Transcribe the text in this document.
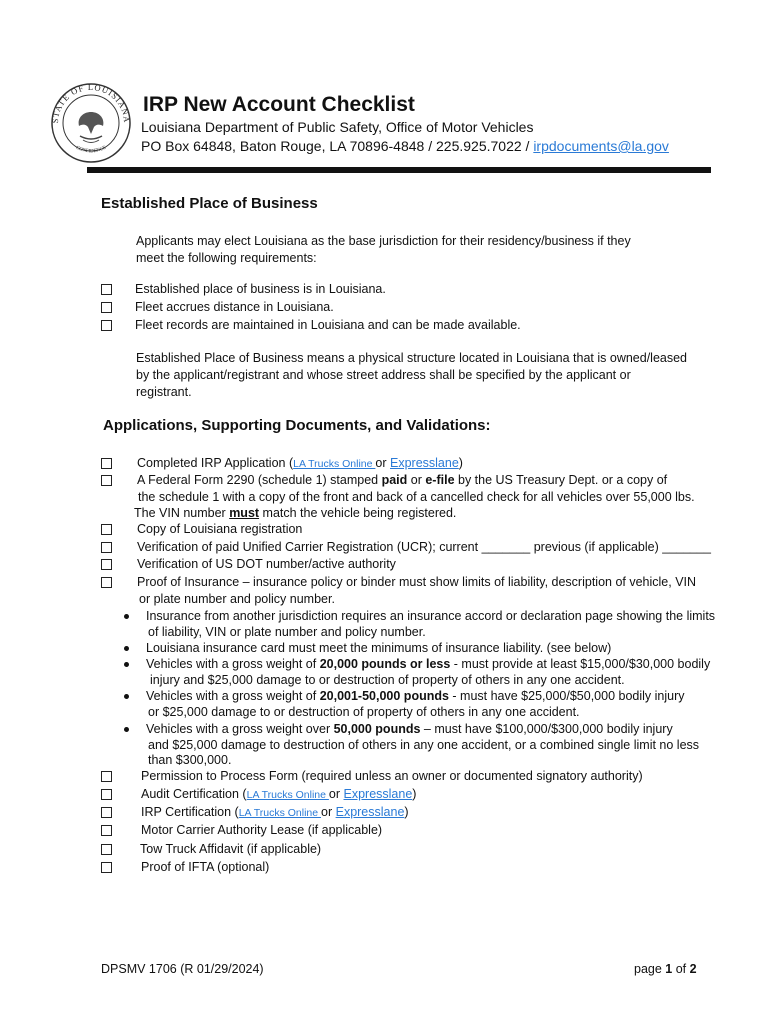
STATE OF LOUISIANA
CONFIDENCE
IRP New Account Checklist
Louisiana Department of Public Safety, Office of Motor Vehicles
PO Box 64848, Baton Rouge, LA 70896-4848 / 225.925.7022 / irpdocuments@la.gov
Established Place of Business
Applicants may elect Louisiana as the base jurisdiction for their residency/business if they
meet the following requirements:
Established place of business is in Louisiana.
Fleet accrues distance in Louisiana.
Fleet records are maintained in Louisiana and can be made available.
Established Place of Business means a physical structure located in Louisiana that is owned/leased
by the applicant/registrant and whose street address shall be specified by the applicant or
registrant.
Applications, Supporting Documents, and Validations:
Completed IRP Application (LA Trucks Online or Expresslane)
A Federal Form 2290 (schedule 1) stamped paid or e-file by the US Treasury Dept. or a copy of
the schedule 1 with a copy of the front and back of a cancelled check for all vehicles over 55,000 lbs.
The VIN number must match the vehicle being registered.
Copy of Louisiana registration
Verification of paid Unified Carrier Registration (UCR); current _______ previous (if applicable) _______
Verification of US DOT number/active authority
Proof of Insurance – insurance policy or binder must show limits of liability, description of vehicle, VIN
or plate number and policy number.
Insurance from another jurisdiction requires an insurance accord or declaration page showing the limits
of liability, VIN or plate number and policy number.
Louisiana insurance card must meet the minimums of insurance liability. (see below)
Vehicles with a gross weight of 20,000 pounds or less - must provide at least $15,000/$30,000 bodily
injury and $25,000 damage to or destruction of property of others in any one accident.
Vehicles with a gross weight of 20,001-50,000 pounds - must have $25,000/$50,000 bodily injury
or $25,000 damage to or destruction of property of others in any one accident.
Vehicles with a gross weight over 50,000 pounds – must have $100,000/$300,000 bodily injury
and $25,000 damage to destruction of others in any one accident, or a combined single limit no less
than $300,000.
Permission to Process Form (required unless an owner or documented signatory authority)
Audit Certification (LA Trucks Online or Expresslane)
IRP Certification (LA Trucks Online or Expresslane)
Motor Carrier Authority Lease (if applicable)
Tow Truck Affidavit (if applicable)
Proof of IFTA (optional)
DPSMV 1706 (R 01/29/2024)	page 1 of 2
